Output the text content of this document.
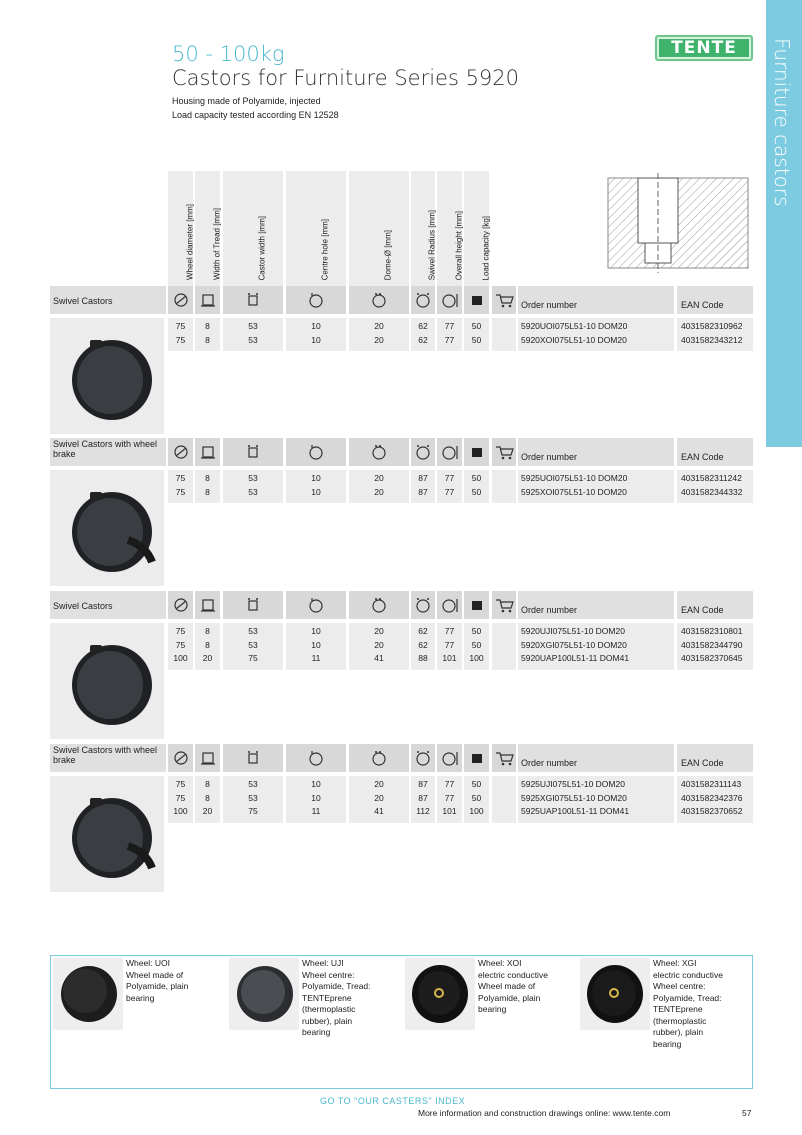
50 - 100kg
Castors for Furniture Series 5920
Housing made of Polyamide, injected
Load capacity tested according EN 12528
TENTE	Furniture castors
Wheel diameter [mm] Width of Tread [mm]	Castor width [mm]	Centre hole [mm]	Dome-Ø [mm]	Swivel Radius [mm] Overall height [mm] Load capacity [kg]
Swivel Castors	Order number	EAN Code
75	8	53	10	20	62	77	50	5920UOI075L51-10 DOM20	4031582310962
75	8	53	10	20	62	77	50	5920XOI075L51-10 DOM20	4031582343212
Swivel Castors with wheel brake	Order number	EAN Code
75	8	53	10	20	87	77	50	5925UOI075L51-10 DOM20	4031582311242
75	8	53	10	20	87	77	50	5925XOI075L51-10 DOM20	4031582344332
Swivel Castors	Order number	EAN Code
75	8	53	10	20	62	77	50	5920UJI075L51-10 DOM20	4031582310801
75	8	53	10	20	62	77	50	5920XGI075L51-10 DOM20	4031582344790
100	20	75	11	41	88	101	100	5920UAP100L51-11 DOM41	4031582370645
Swivel Castors with wheel brake	Order number	EAN Code
75	8	53	10	20	87	77	50	5925UJI075L51-10 DOM20	4031582311143
75	8	53	10	20	87	77	50	5925XGI075L51-10 DOM20	4031582342376
100	20	75	11	41	112	101	100	5925UAP100L51-11 DOM41	4031582370652
Wheel: UOI
Wheel made of Polyamide, plain bearing
Wheel: UJI
Wheel centre: Polyamide, Tread: TENTEprene (thermoplastic rubber), plain bearing
Wheel: XOI
electric conductive Wheel made of Polyamide, plain bearing
Wheel: XGI
electric conductive Wheel centre: Polyamide, Tread: TENTEprene (thermoplastic rubber), plain bearing
GO TO "OUR CASTERS" INDEX
More information and construction drawings online: www.tente.com	57
